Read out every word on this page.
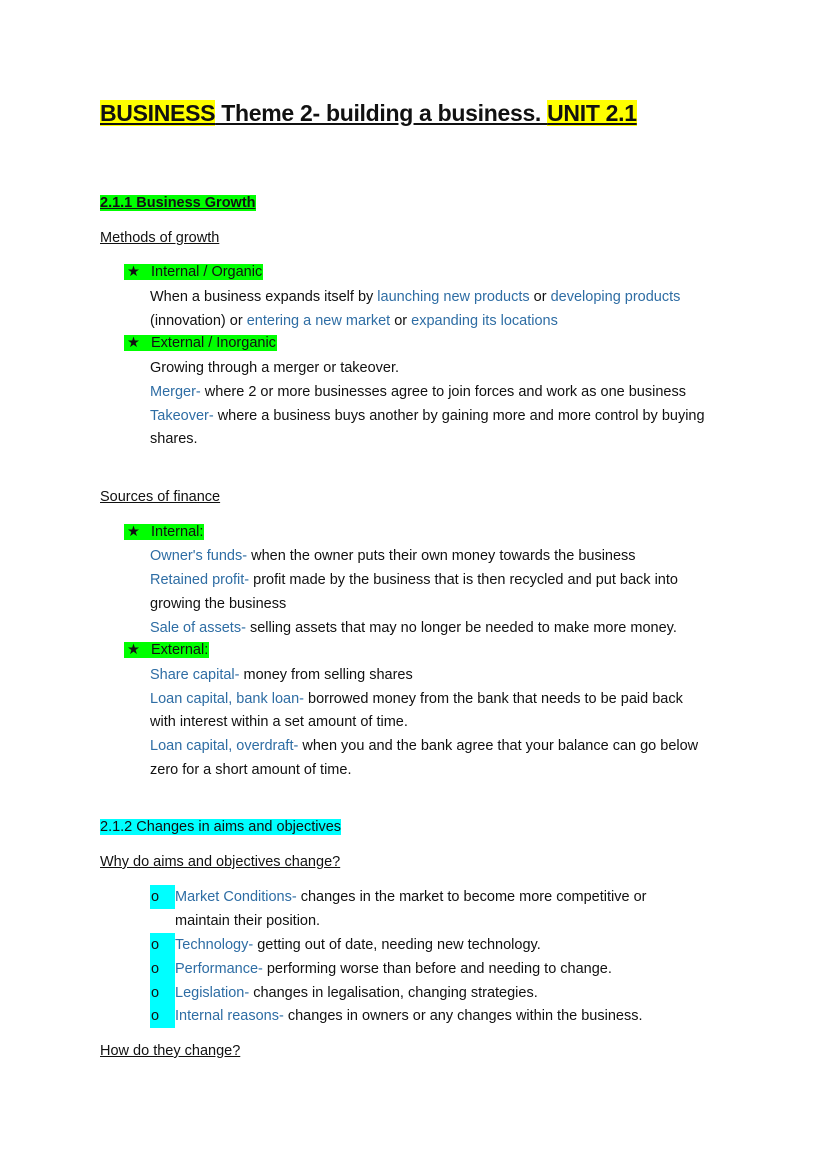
BUSINESS Theme 2- building a business. UNIT 2.1
2.1.1 Business Growth
Methods of growth
★ Internal / Organic
When a business expands itself by launching new products or developing products
(innovation) or entering a new market or expanding its locations
★ External / Inorganic
Growing through a merger or takeover.
Merger- where 2 or more businesses agree to join forces and work as one business
Takeover- where a business buys another by gaining more and more control by buying
shares.
Sources of finance
★ Internal:
Owner's funds- when the owner puts their own money towards the business
Retained profit- profit made by the business that is then recycled and put back into
growing the business
Sale of assets- selling assets that may no longer be needed to make more money.
★ External:
Share capital- money from selling shares
Loan capital, bank loan- borrowed money from the bank that needs to be paid back
with interest within a set amount of time.
Loan capital, overdraft- when you and the bank agree that your balance can go below
zero for a short amount of time.
2.1.2 Changes in aims and objectives
Why do aims and objectives change?
o Market Conditions- changes in the market to become more competitive or
maintain their position.
o Technology- getting out of date, needing new technology.
o Performance- performing worse than before and needing to change.
o Legislation- changes in legalisation, changing strategies.
o Internal reasons- changes in owners or any changes within the business.
How do they change?
